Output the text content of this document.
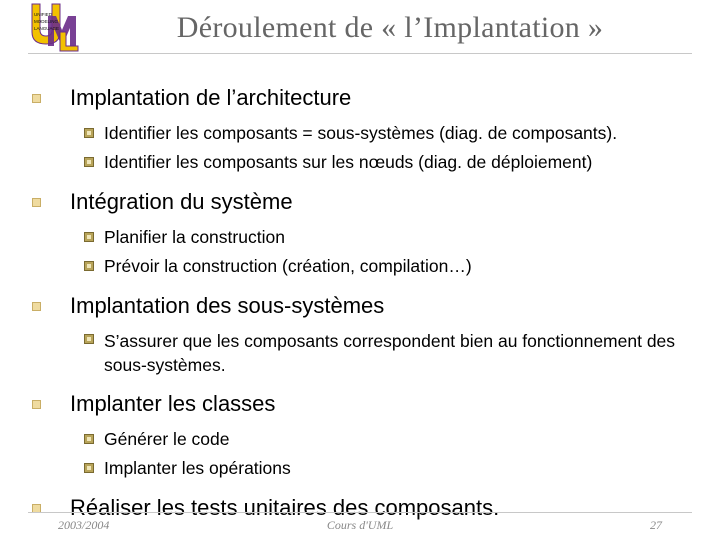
UNIFIED
MODELING
LANGUAGE	Déroulement de « l’Implantation »
Implantation de l’architecture
Identifier les composants = sous-systèmes (diag. de composants).
Identifier les composants sur les nœuds (diag. de déploiement)
Intégration du système
Planifier la construction
Prévoir la construction (création, compilation…)
Implantation des sous-systèmes
S’assurer que les composants correspondent bien au fonctionnement des sous-systèmes.
Implanter les classes
Générer le code
Implanter les opérations
Réaliser les tests unitaires des composants.
2003/2004	Cours d'UML	27
